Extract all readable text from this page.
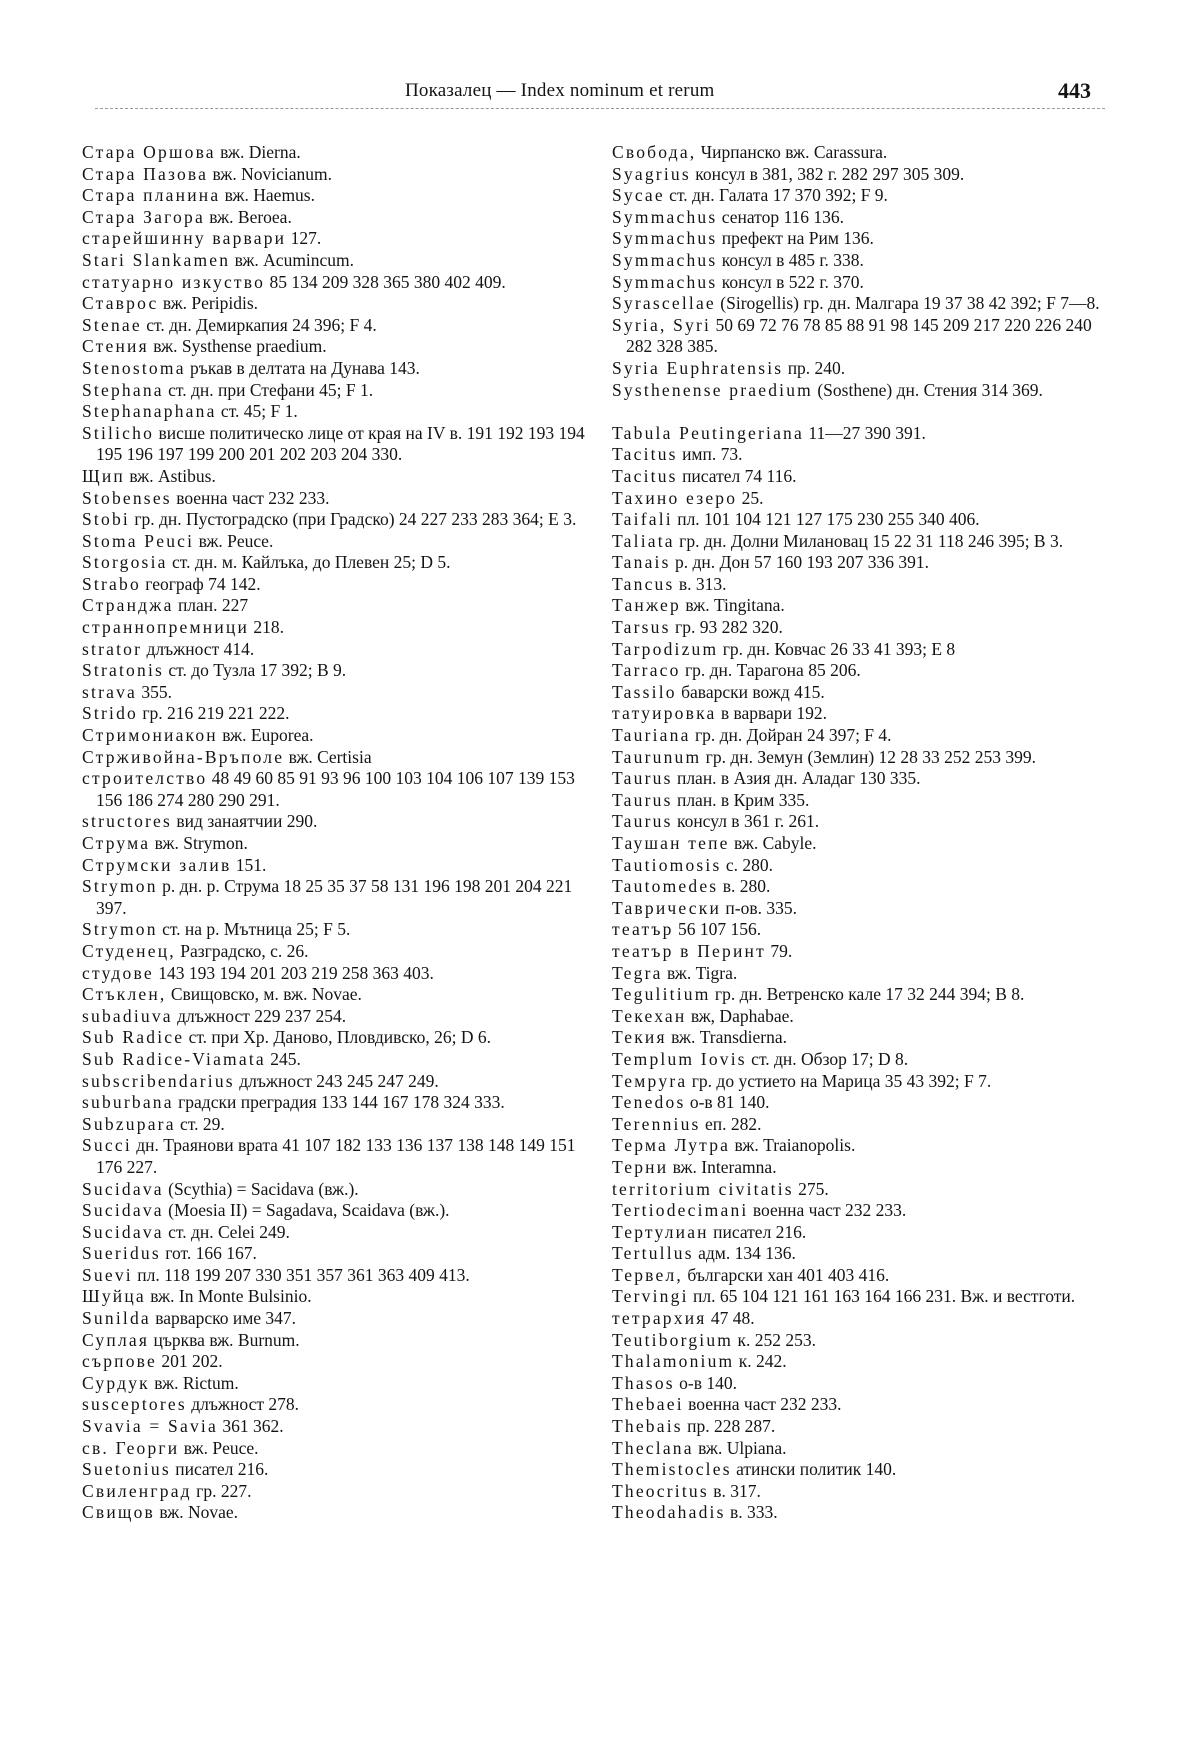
Показалец — Index nominum et rerum	443

Стара Оршова вж. Dierna.

Стара Пазова вж. Novicianum.

Стара планина вж. Haemus.

Стара Загора вж. Beroea.

старейшинну варвари 127.

Stari Slankamen вж. Acumincum.

статуарно изкуство 85 134 209 328 365 380 402 409.

Ставрос вж. Peripidis.

Stenae ст. дн. Демиркапия 24 396; F 4.

Стения вж. Systhense praedium.

Stenostoma ръкав в делтата на Дунава 143.

Stephana ст. дн. при Стефани 45; F 1.

Stephanaphana ст. 45; F 1.

Stilicho висше политическо лице от края на IV в. 191 192 193 194 195 196 197 199 200 201 202 203 204 330.

Щип вж. Astibus.

Stobenses военна част 232 233.

Stobi гр. дн. Пустоградско (при Градско) 24 227 233 283 364; E 3.

Stoma Peuci вж. Peuce.

Storgosia ст. дн. м. Кайлъка, до Плевен 25; D 5.

Strabo географ 74 142.

Странджа план. 227

страннопремници 218.

strator длъжност 414.

Stratonis ст. до Тузла 17 392; B 9.

strava 355.

Strido гр. 216 219 221 222.

Стримониакон вж. Euporea.

Стрживойна-Връполе вж. Certisia

строителство 48 49 60 85 91 93 96 100 103 104 106 107 139 153 156 186 274 280 290 291.

structores вид занаятчии 290.

Струма вж. Strymon.

Струмски залив 151.

Strymon р. дн. р. Струма 18 25 35 37 58 131 196 198 201 204 221 397.

Strymon ст. на р. Мътница 25; F 5.

Студенец, Разградско, с. 26.

студове 143 193 194 201 203 219 258 363 403.

Стъклен, Свищовско, м. вж. Novae.

subadiuva длъжност 229 237 254.

Sub Radice ст. при Хр. Даново, Пловдивско, 26; D 6.

Sub Radice-Viamata 245.

subscribendarius длъжност 243 245 247 249.

suburbana градски преградия 133 144 167 178 324 333.

Subzupara ст. 29.

Succi дн. Траянови врата 41 107 182 133 136 137 138 148 149 151 176 227.

Sucidava (Scythia) = Sacidava (вж.).

Sucidava (Moesia II) = Sagadava, Scaidava (вж.).

Sucidava ст. дн. Celei 249.

Sueridus гот. 166 167.

Suevi пл. 118 199 207 330 351 357 361 363 409 413.

Шуйца вж. In Monte Bulsinio.

Sunilda варварско име 347.

Суплая църква вж. Burnum.

сърпове 201 202.

Сурдук вж. Rictum.

susceptores длъжност 278.

Svavia = Savia 361 362.

св. Георги вж. Peuce.

Suetonius писател 216.

Свиленград гр. 227.

Свищов вж. Novae.

Свобода, Чирпанско вж. Carassura.

Syagrius консул в 381, 382 г. 282 297 305 309.

Sycae ст. дн. Галата 17 370 392; F 9.

Symmachus сенатор 116 136.

Symmachus префект на Рим 136.

Symmachus консул в 485 г. 338.

Symmachus консул в 522 г. 370.

Syrascellae (Sirogellis) гр. дн. Малгара 19 37 38 42 392; F 7—8.

Syria, Syri 50 69 72 76 78 85 88 91 98 145 209 217 220 226 240 282 328 385.

Syria Euphratensis пр. 240.

Systhenense praedium (Sosthene) дн. Стения 314 369.

Tabula Peutingeriana 11—27 390 391.

Tacitus имп. 73.

Tacitus писател 74 116.

Тахино езеро 25.

Taifali пл. 101 104 121 127 175 230 255 340 406.

Taliata гр. дн. Долни Милановац 15 22 31 118 246 395; B 3.

Tanais р. дн. Дон 57 160 193 207 336 391.

Tancus в. 313.

Танжер вж. Tingitana.

Tarsus гр. 93 282 320.

Tarpodizum гр. дн. Ковчас 26 33 41 393; E 8

Tarraco гр. дн. Тарагона 85 206.

Tassilo баварски вожд 415.

татуировка в варвари 192.

Tauriana гр. дн. Дойран 24 397; F 4.

Taurunum гр. дн. Земун (Землин) 12 28 33 252 253 399.

Taurus план. в Азия дн. Аладаг 130 335.

Taurus план. в Крим 335.

Taurus консул в 361 г. 261.

Таушан тепе вж. Cabyle.

Tautiomosis с. 280.

Tautomedes в. 280.

Таврически п-ов. 335.

театър 56 107 156.

театър в Перинт 79.

Tegra вж. Tigra.

Tegulitium гр. дн. Ветренско кале 17 32 244 394; B 8.

Текехан вж, Daphabae.

Текия вж. Transdierna.

Templum Iovis ст. дн. Обзор 17; D 8.

Темpyra гр. до устието на Марица 35 43 392; F 7.

Tenedos о-в 81 140.

Terennius еп. 282.

Терма Лутра вж. Traianopolis.

Терни вж. Interamna.

territorium civitatis 275.

Tertiodecimani военна част 232 233.

Тертулиан писател 216.

Tertullus адм. 134 136.

Тервел, български хан 401 403 416.

Tervingi пл. 65 104 121 161 163 164 166 231. Вж. и вестготи.

тетрархия 47 48.

Teutiborgium к. 252 253.

Thalamonium к. 242.

Thasos о-в 140.

Thebaei военна част 232 233.

Thebais пр. 228 287.

Theclana вж. Ulpiana.

Themistocles атински политик 140.

Theocritus в. 317.

Theodahadis в. 333.
